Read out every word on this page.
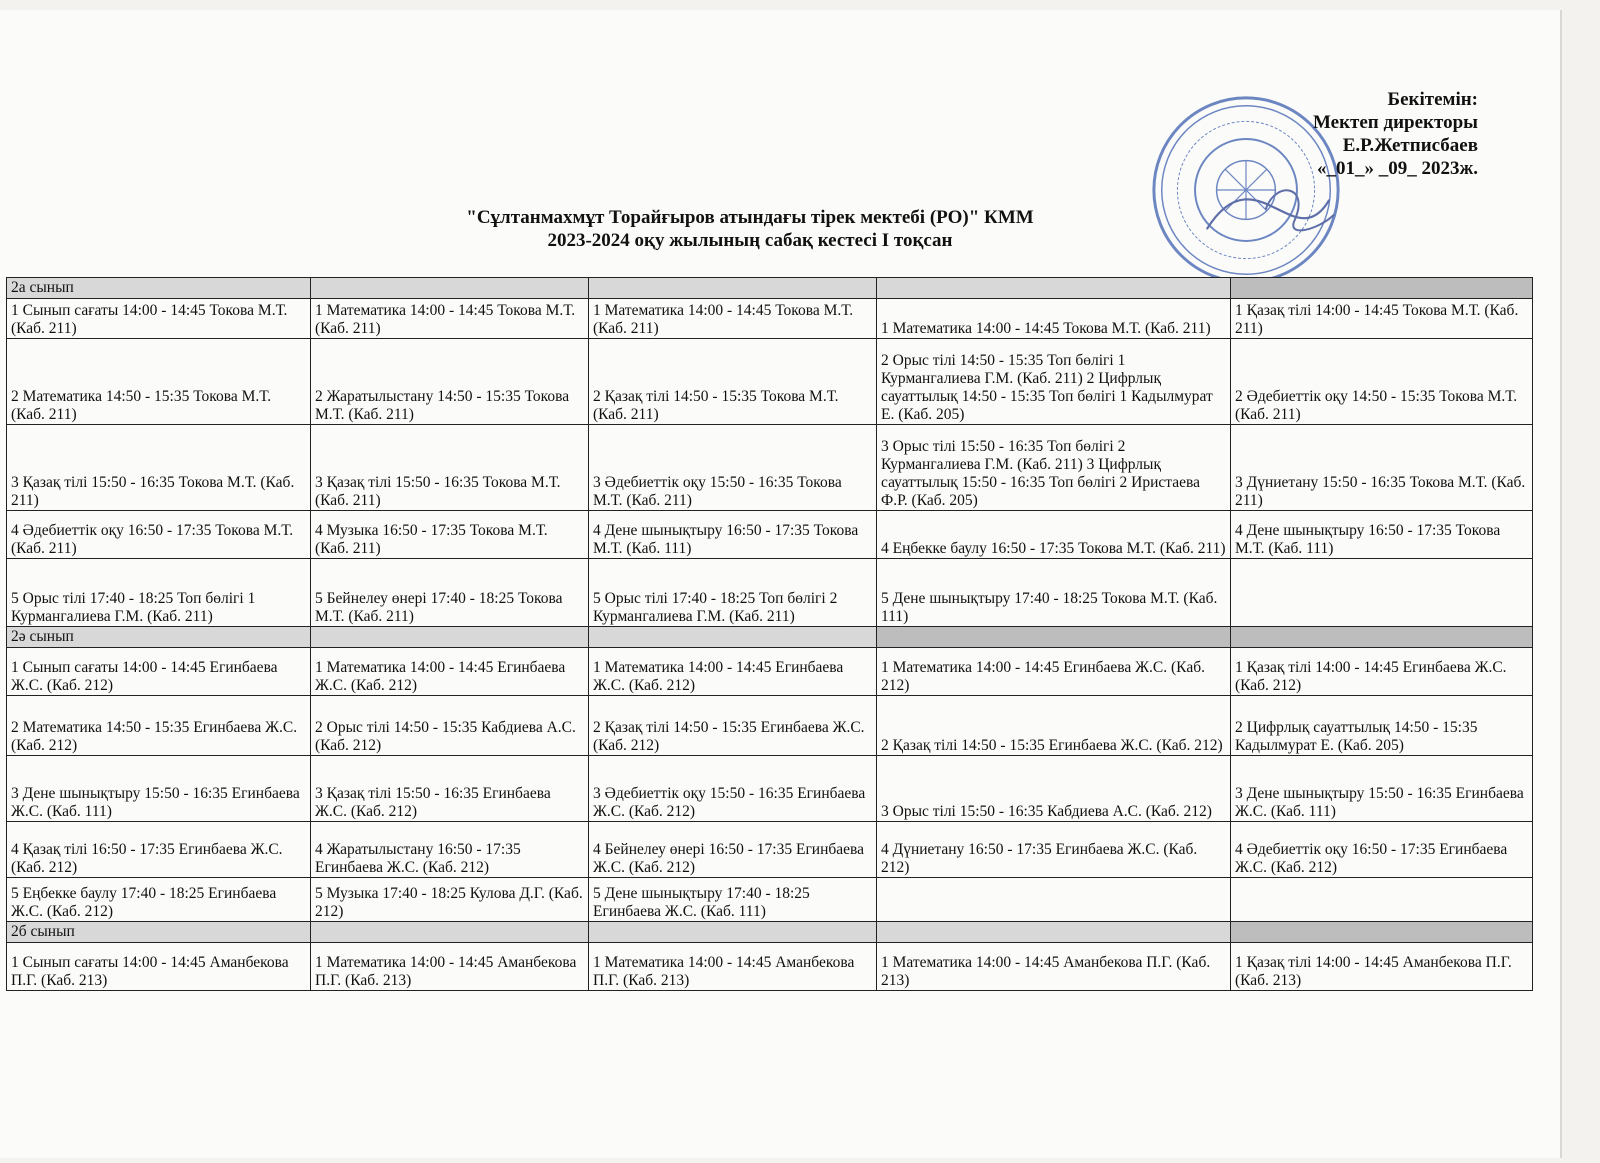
Бекітемін:
Мектеп директоры
Е.Р.Жетписбаев
«_01_» _09_ 2023ж.
"Сұлтанмахмұт Торайғыров атындағы тірек мектебі (РО)" КММ
2023-2024 оқу жылының сабақ кестесі І тоқсан
2а сынып				
1 Сынып сағаты 14:00 - 14:45 Токова М.Т. (Каб. 211)	1 Математика 14:00 - 14:45 Токова М.Т. (Каб. 211)	1 Математика 14:00 - 14:45 Токова М.Т. (Каб. 211)	1 Математика 14:00 - 14:45 Токова М.Т. (Каб. 211)	1 Қазақ тілі 14:00 - 14:45 Токова М.Т. (Каб. 211)
2 Математика 14:50 - 15:35 Токова М.Т. (Каб. 211)	2 Жаратылыстану 14:50 - 15:35 Токова М.Т. (Каб. 211)	2 Қазақ тілі 14:50 - 15:35 Токова М.Т. (Каб. 211)	2 Орыс тілі 14:50 - 15:35 Топ бөлігі 1 Курмангалиева Г.М. (Каб. 211) 2 Цифрлық сауаттылық 14:50 - 15:35 Топ бөлігі 1 Кадылмурат Е. (Каб. 205)	2 Әдебиеттік оқу 14:50 - 15:35 Токова М.Т. (Каб. 211)
3 Қазақ тілі 15:50 - 16:35 Токова М.Т. (Каб. 211)	3 Қазақ тілі 15:50 - 16:35 Токова М.Т. (Каб. 211)	3 Әдебиеттік оқу 15:50 - 16:35 Токова М.Т. (Каб. 211)	3 Орыс тілі 15:50 - 16:35 Топ бөлігі 2 Курмангалиева Г.М. (Каб. 211) 3 Цифрлық сауаттылық 15:50 - 16:35 Топ бөлігі 2 Иристаева Ф.Р. (Каб. 205)	3 Дүниетану 15:50 - 16:35 Токова М.Т. (Каб. 211)
4 Әдебиеттік оқу 16:50 - 17:35 Токова М.Т. (Каб. 211)	4 Музыка 16:50 - 17:35 Токова М.Т. (Каб. 211)	4 Дене шынықтыру 16:50 - 17:35 Токова М.Т. (Каб. 111)	4 Еңбекке баулу 16:50 - 17:35 Токова М.Т. (Каб. 211)	4 Дене шынықтыру 16:50 - 17:35 Токова М.Т. (Каб. 111)
5 Орыс тілі 17:40 - 18:25 Топ бөлігі 1 Курмангалиева Г.М. (Каб. 211)	5 Бейнелеу өнері 17:40 - 18:25 Токова М.Т. (Каб. 211)	5 Орыс тілі 17:40 - 18:25 Топ бөлігі 2 Курмангалиева Г.М. (Каб. 211)	5 Дене шынықтыру 17:40 - 18:25 Токова М.Т. (Каб. 111)	
2ә сынып				
1 Сынып сағаты 14:00 - 14:45 Егинбаева Ж.С. (Каб. 212)	1 Математика 14:00 - 14:45 Егинбаева Ж.С. (Каб. 212)	1 Математика 14:00 - 14:45 Егинбаева Ж.С. (Каб. 212)	1 Математика 14:00 - 14:45 Егинбаева Ж.С. (Каб. 212)	1 Қазақ тілі 14:00 - 14:45 Егинбаева Ж.С. (Каб. 212)
2 Математика 14:50 - 15:35 Егинбаева Ж.С. (Каб. 212)	2 Орыс тілі 14:50 - 15:35 Кабдиева А.С. (Каб. 212)	2 Қазақ тілі 14:50 - 15:35 Егинбаева Ж.С. (Каб. 212)	2 Қазақ тілі 14:50 - 15:35 Егинбаева Ж.С. (Каб. 212)	2 Цифрлық сауаттылық 14:50 - 15:35 Кадылмурат Е. (Каб. 205)
3 Дене шынықтыру 15:50 - 16:35 Егинбаева Ж.С. (Каб. 111)	3 Қазақ тілі 15:50 - 16:35 Егинбаева Ж.С. (Каб. 212)	3 Әдебиеттік оқу 15:50 - 16:35 Егинбаева Ж.С. (Каб. 212)	3 Орыс тілі 15:50 - 16:35 Кабдиева А.С. (Каб. 212)	3 Дене шынықтыру 15:50 - 16:35 Егинбаева Ж.С. (Каб. 111)
4 Қазақ тілі 16:50 - 17:35 Егинбаева Ж.С. (Каб. 212)	4 Жаратылыстану 16:50 - 17:35 Егинбаева Ж.С. (Каб. 212)	4 Бейнелеу өнері 16:50 - 17:35 Егинбаева Ж.С. (Каб. 212)	4 Дүниетану 16:50 - 17:35 Егинбаева Ж.С. (Каб. 212)	4 Әдебиеттік оқу 16:50 - 17:35 Егинбаева Ж.С. (Каб. 212)
5 Еңбекке баулу 17:40 - 18:25 Егинбаева Ж.С. (Каб. 212)	5 Музыка 17:40 - 18:25 Кулова Д.Г. (Каб. 212)	5 Дене шынықтыру 17:40 - 18:25 Егинбаева Ж.С. (Каб. 111)		
2б сынып				
1 Сынып сағаты 14:00 - 14:45 Аманбекова П.Г. (Каб. 213)	1 Математика 14:00 - 14:45 Аманбекова П.Г. (Каб. 213)	1 Математика 14:00 - 14:45 Аманбекова П.Г. (Каб. 213)	1 Математика 14:00 - 14:45 Аманбекова П.Г. (Каб. 213)	1 Қазақ тілі 14:00 - 14:45 Аманбекова П.Г. (Каб. 213)
